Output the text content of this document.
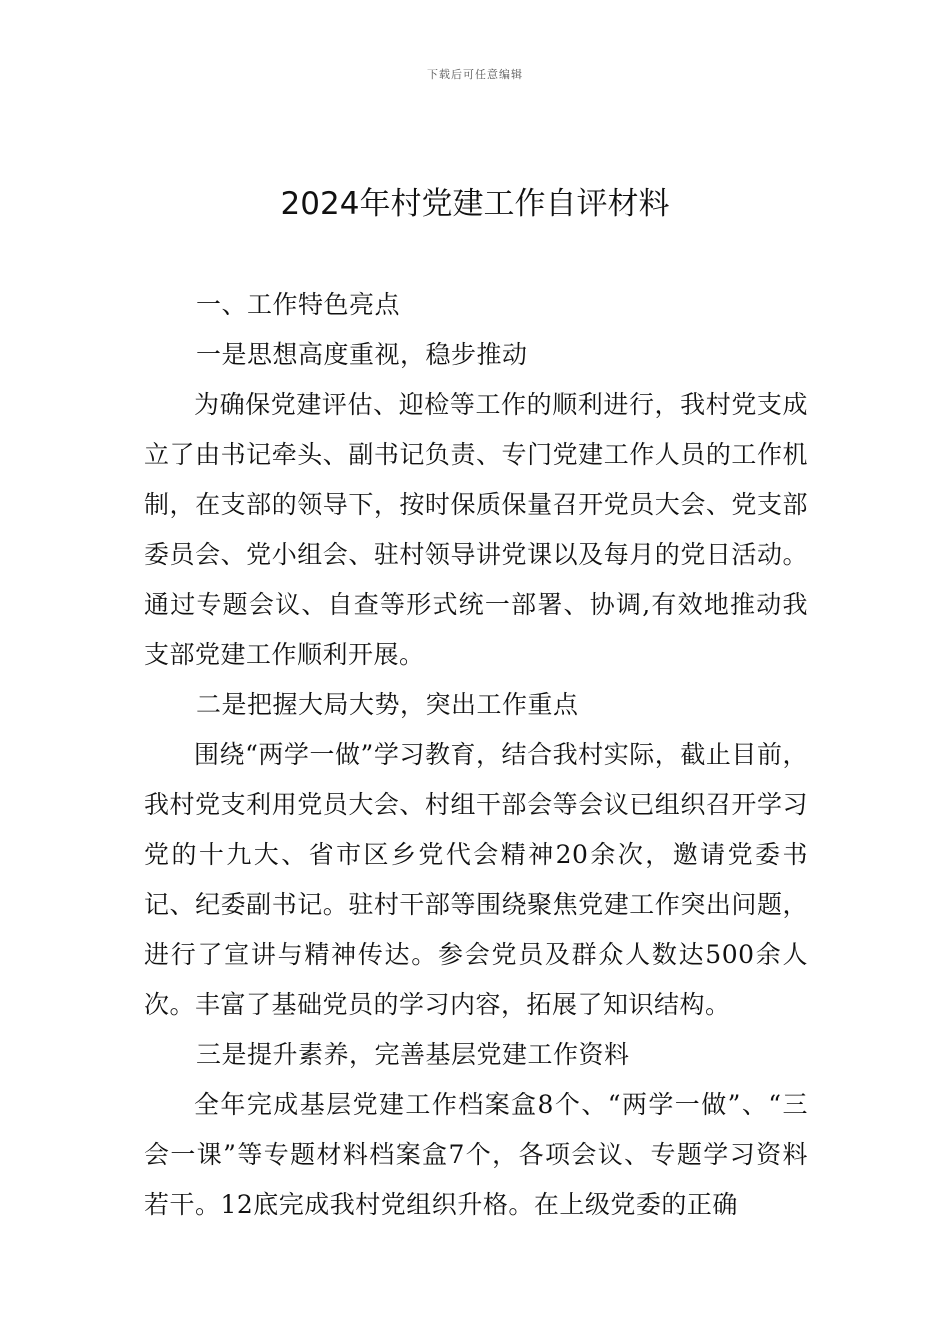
下载后可任意编辑
2024年村党建工作自评材料

一、工作特色亮点

一是思想高度重视，稳步推动

为确保党建评估、迎检等工作的顺利进行，我村党支成立了由书记牵头、副书记负责、专门党建工作人员的工作机制，在支部的领导下，按时保质保量召开党员大会、党支部委员会、党小组会、驻村领导讲党课以及每月的党日活动。通过专题会议、自查等形式统一部署、协调,有效地推动我支部党建工作顺利开展。

二是把握大局大势，突出工作重点

围绕“两学一做”学习教育，结合我村实际，截止目前，我村党支利用党员大会、村组干部会等会议已组织召开学习党的十九大、省市区乡党代会精神20余次，邀请党委书记、纪委副书记。驻村干部等围绕聚焦党建工作突出问题，进行了宣讲与精神传达。参会党员及群众人数达500余人次。丰富了基础党员的学习内容，拓展了知识结构。

三是提升素养，完善基层党建工作资料

全年完成基层党建工作档案盒8个、“两学一做”、“三会一课”等专题材料档案盒7个，各项会议、专题学习资料若干。12底完成我村党组织升格。在上级党委的正确
